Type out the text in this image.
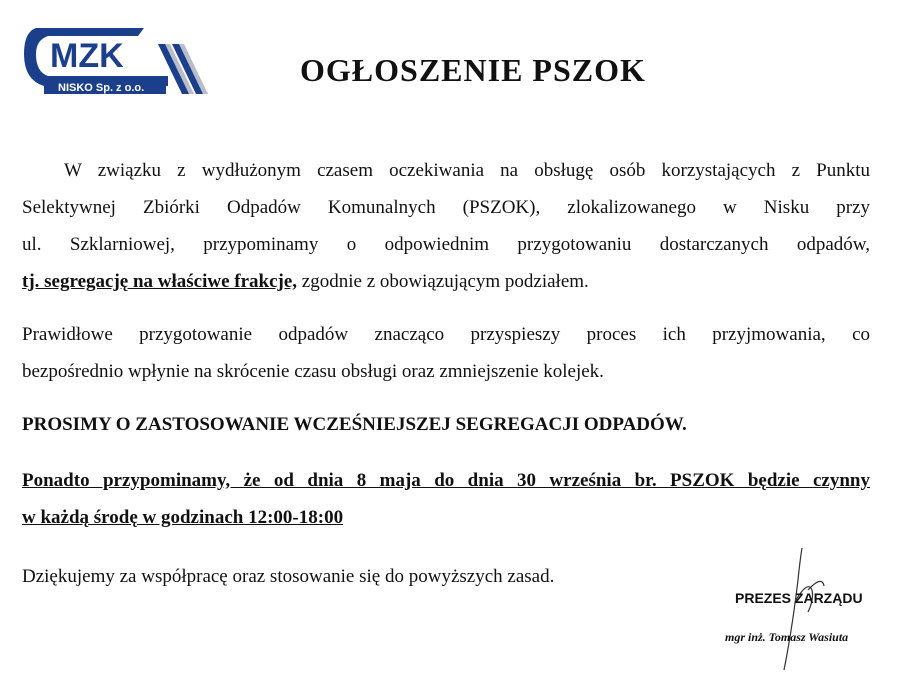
MZK
NISKO Sp. z o.o.	OGŁOSZENIE PSZOK
W związku z wydłużonym czasem oczekiwania na obsługę osób korzystających z Punktu
Selektywnej Zbiórki Odpadów Komunalnych (PSZOK), zlokalizowanego w Nisku przy
ul. Szklarniowej, przypominamy o odpowiednim przygotowaniu dostarczanych odpadów,
tj. segregację na właściwe frakcje, zgodnie z obowiązującym podziałem.
Prawidłowe przygotowanie odpadów znacząco przyspieszy proces ich przyjmowania, co
bezpośrednio wpłynie na skrócenie czasu obsługi oraz zmniejszenie kolejek.
PROSIMY O ZASTOSOWANIE WCZEŚNIEJSZEJ SEGREGACJI ODPADÓW.
Ponadto przypominamy, że od dnia 8 maja do dnia 30 września br. PSZOK będzie czynny
w każdą środę w godzinach 12:00-18:00
Dziękujemy za współpracę oraz stosowanie się do powyższych zasad.
PREZES ZARZĄDU
mgr inż. Tomasz Wasiuta
